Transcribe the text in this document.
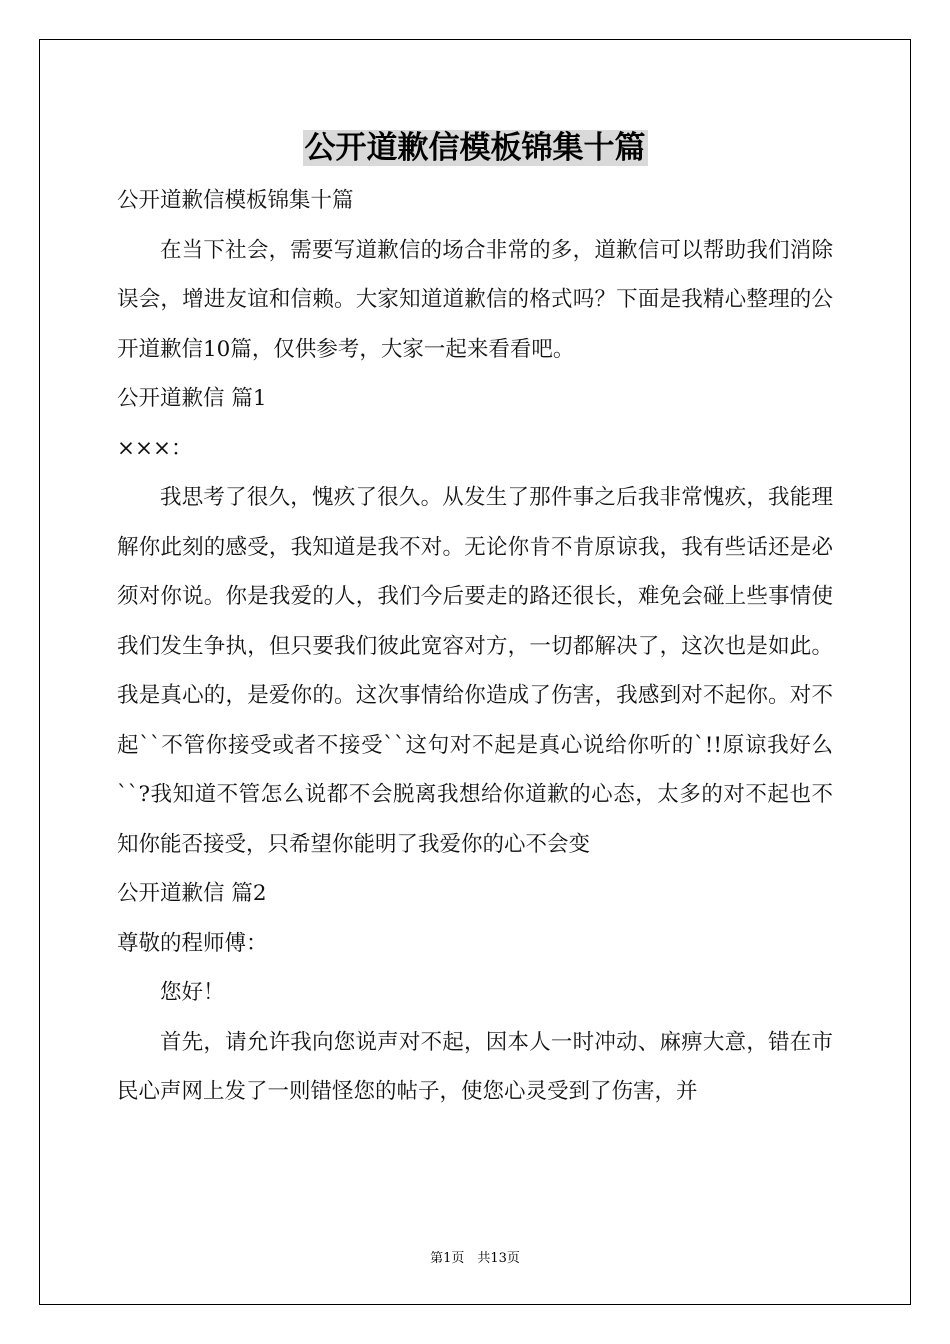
公开道歉信模板锦集十篇
公开道歉信模板锦集十篇

在当下社会，需要写道歉信的场合非常的多，道歉信可以帮助我们消除误会，增进友谊和信赖。大家知道道歉信的格式吗？下面是我精心整理的公开道歉信10篇，仅供参考，大家一起来看看吧。

公开道歉信 篇1
×××：

我思考了很久，愧疚了很久。从发生了那件事之后我非常愧疚，我能理解你此刻的感受，我知道是我不对。无论你肯不肯原谅我，我有些话还是必须对你说。你是我爱的人，我们今后要走的路还很长，难免会碰上些事情使我们发生争执，但只要我们彼此宽容对方，一切都解决了，这次也是如此。我是真心的，是爱你的。这次事情给你造成了伤害，我感到对不起你。对不起``不管你接受或者不接受``这句对不起是真心说给你听的`!!原谅我好么``?我知道不管怎么说都不会脱离我想给你道歉的心态，太多的对不起也不知你能否接受，只希望你能明了我爱你的心不会变

公开道歉信 篇2
尊敬的程师傅：

您好！

首先，请允许我向您说声对不起，因本人一时冲动、麻痹大意，错在市民心声网上发了一则错怪您的帖子，使您心灵受到了伤害，并

第1页　共13页
